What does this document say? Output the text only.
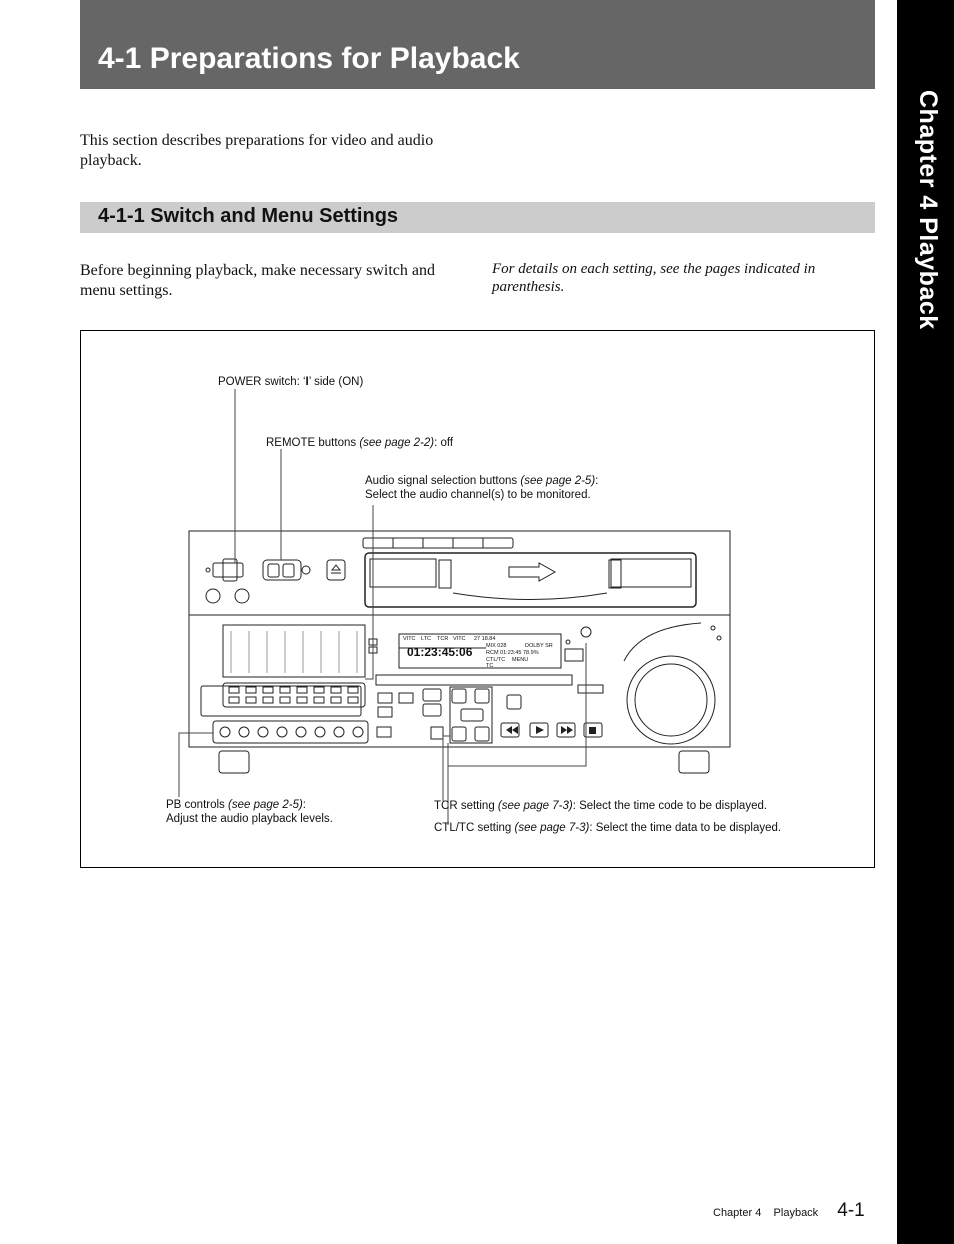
Chapter 4 Playback
4-1 Preparations for Playback

This section describes preparations for video and audio playback.

4-1-1 Switch and Menu Settings

Before beginning playback, make necessary switch and menu settings.

For details on each setting, see the pages indicated in parenthesis.

VITC LTC TCR VITC 27 18.84
MIX 028
RCM 01:23:45 78.9%
DOLBY SR
CTL/TC MENU
TC
01:23:45:06
POWER switch: ‘I’ side (ON)
REMOTE buttons (see page 2-2): off
Audio signal selection buttons (see page 2-5):
Select the audio channel(s) to be monitored.
PB controls (see page 2-5):
Adjust the audio playback levels.
TCR setting (see page 7-3): Select the time code to be displayed.
CTL/TC setting (see page 7-3): Select the time data to be displayed.
Chapter 4 Playback 4-1
